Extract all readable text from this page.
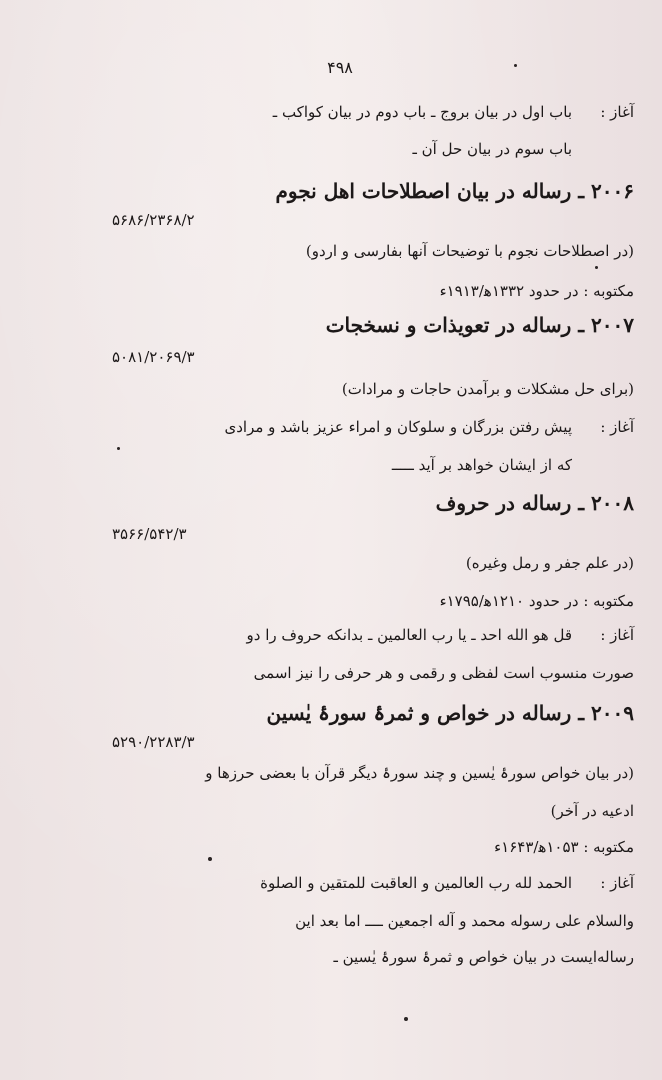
۴۹۸
آغاز :باب اول در بیان بروج ـ باب دوم در بیان کواکب ـ
باب سوم در بیان حل آن ـ
۲۰۰۶ ـ رساله در بیان اصطلاحات اهل نجوم
۵۶۸۶/۲۳۶۸/۲
(در اصطلاحات نجوم با توضیحات آنها بفارسی و اردو)
مکتوبه : در حدود ۱۳۳۲ﻫ/۱۹۱۳ء
۲۰۰۷ ـ رساله در تعویذات و نسخجات
۵۰۸۱/۲۰۶۹/۳
(برای حل مشکلات و برآمدن حاجات و مرادات)
آغاز :پیش رفتن بزرگان و سلوکان و امراء عزیز باشد و مرادی
که از ایشان خواهد بر آید ـــــ
۲۰۰۸ ـ رساله در حروف
۳۵۶۶/۵۴۲/۳
(در علم جفر و رمل وغیره)
مکتوبه : در حدود ۱۲۱۰ﻫ/۱۷۹۵ء
آغاز :قل هو الله احد ـ یا رب العالمین ـ بدانکه حروف را دو
صورت منسوب است لفظی و رقمی و هر حرفی را نیز اسمی
۲۰۰۹ ـ رساله در خواص و ثمرۂ سورۂ یٰسین
۵۲۹۰/۲۲۸۳/۳
(در بیان خواص سورۂ یٰسین و چند سورۂ دیگر قرآن با بعضی حرزها و
ادعیه در آخر)
مکتوبه : ۱۰۵۳ﻫ/۱۶۴۳ء
آغاز :الحمد لله رب العالمین و العاقبت للمتقین و الصلوة
والسلام علی رسوله محمد و آله اجمعین ــــ اما بعد این
رساله‌ایست در بیان خواص و ثمرۂ سورۂ یٰسین ـ
